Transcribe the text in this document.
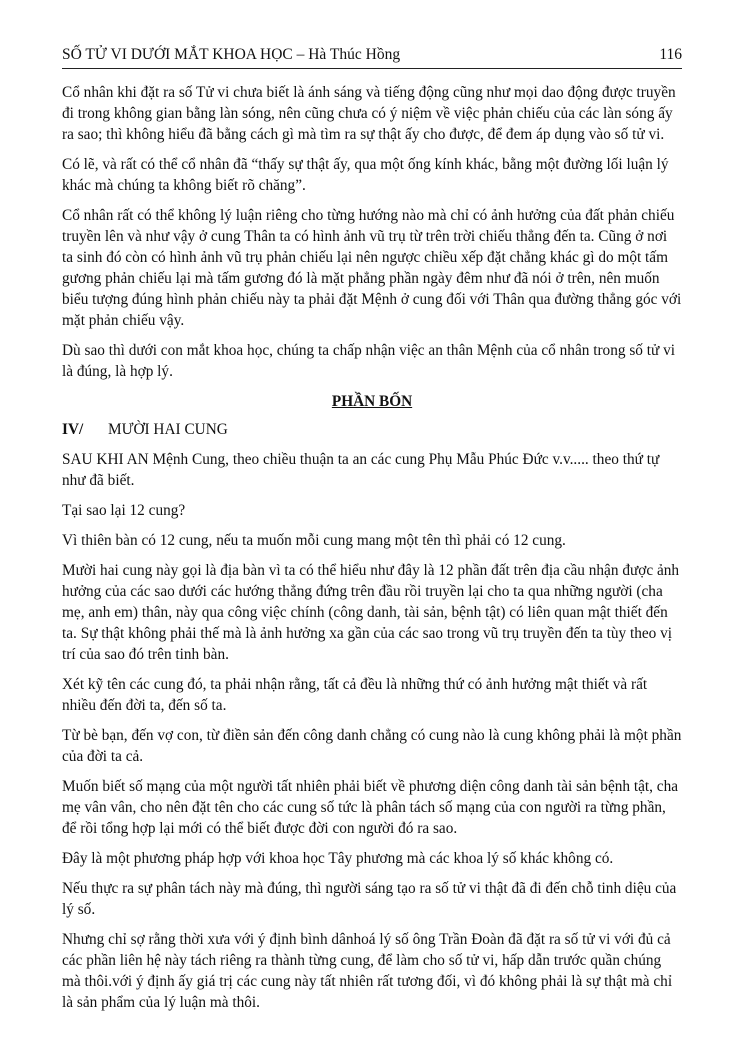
SỐ TỬ VI DƯỚI MẮT KHOA HỌC – Hà Thúc Hồng	116

Cổ nhân khi đặt ra số Tử vi chưa biết là ánh sáng và tiếng động cũng như mọi dao động được truyền đi trong không gian bằng làn sóng, nên cũng chưa có ý niệm về việc phản chiếu của các làn sóng ấy ra sao; thì không hiểu đã bằng cách gì mà tìm ra sự thật ấy cho được, để đem áp dụng vào số tử vi.

Có lẽ, và rất có thể cổ nhân đã “thấy sự thật ấy, qua một ống kính khác, bằng một đường lối luận lý khác mà chúng ta không biết rõ chăng”.

Cổ nhân rất có thể không lý luận riêng cho từng hướng nào mà chỉ có ảnh hưởng của đất phản chiếu truyền lên và như vậy ở cung Thân ta có hình ảnh vũ trụ từ trên trời chiếu thẳng đến ta. Cũng ở nơi ta sinh đó còn có hình ảnh vũ trụ phản chiếu lại nên ngược chiều xếp đặt chẳng khác gì do một tấm gương phản chiếu lại mà tấm gương đó là mặt phẳng phần ngày đêm như đã nói ở trên, nên muốn biểu tượng đúng hình phản chiếu này ta phải đặt Mệnh ở cung đối với Thân qua đường thẳng góc với mặt phản chiếu vậy.

Dù sao thì dưới con mắt khoa học, chúng ta chấp nhận việc an thân Mệnh của cổ nhân trong số tử vi là đúng, là hợp lý.

PHẦN BỐN
IV/ MƯỜI HAI CUNG

SAU KHI AN Mệnh Cung, theo chiều thuận ta an các cung Phụ Mẫu Phúc Đức v.v..... theo thứ tự như đã biết.

Tại sao lại 12 cung?

Vì thiên bàn có 12 cung, nếu ta muốn mỗi cung mang một tên thì phải có 12 cung.

Mười hai cung này gọi là địa bàn vì ta có thể hiểu như đây là 12 phần đất trên địa cầu nhận được ảnh hưởng của các sao dưới các hướng thẳng đứng trên đầu rồi truyền lại cho ta qua những người (cha mẹ, anh em) thân, này qua công việc chính (công danh, tài sản, bệnh tật) có liên quan mật thiết đến ta. Sự thật không phải thế mà là ảnh hưởng xa gần của các sao trong vũ trụ truyền đến ta tùy theo vị trí của sao đó trên tinh bàn.

Xét kỹ tên các cung đó, ta phải nhận rằng, tất cả đều là những thứ có ảnh hưởng mật thiết và rất nhiều đến đời ta, đến số ta.

Từ bè bạn, đến vợ con, từ điền sản đến công danh chẳng có cung nào là cung không phải là một phần của đời ta cả.

Muốn biết số mạng của một người tất nhiên phải biết về phương diện công danh tài sản bệnh tật, cha mẹ vân vân, cho nên đặt tên cho các cung số tức là phân tách số mạng của con người ra từng phần, để rồi tổng hợp lại mới có thể biết được đời con người đó ra sao.

Đây là một phương pháp hợp với khoa học Tây phương mà các khoa lý số khác không có.

Nếu thực ra sự phân tách này mà đúng, thì người sáng tạo ra số tử vi thật đã đi đến chỗ tinh diệu của lý số.

Nhưng chỉ sợ rằng thời xưa với ý định bình dânhoá lý số ông Trần Đoàn đã đặt ra số tử vi với đủ cả các phần liên hệ này tách riêng ra thành từng cung, để làm cho số tử vi, hấp dẫn trước quần chúng mà thôi.với ý định ấy giá trị các cung này tất nhiên rất tương đối, vì đó không phải là sự thật mà chỉ là sản phẩm của lý luận mà thôi.
